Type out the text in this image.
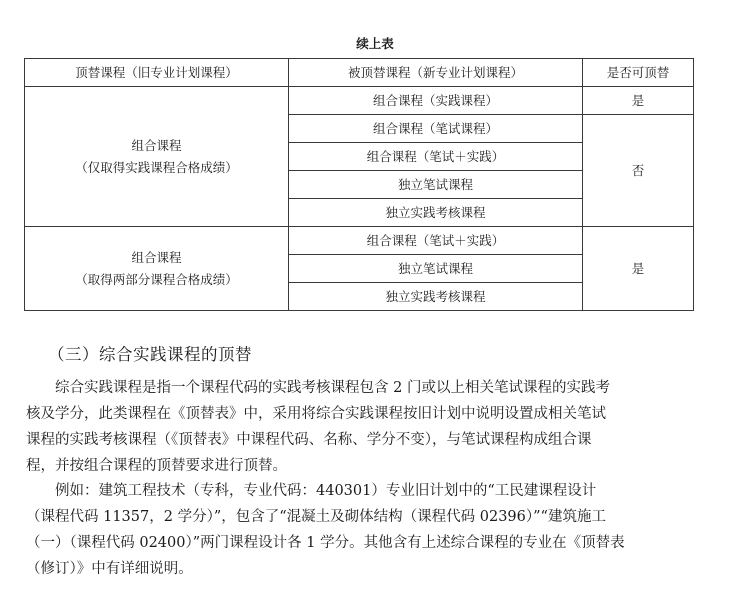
续上表
顶替课程（旧专业计划课程）	被顶替课程（新专业计划课程）	是否可顶替

组合课程
（仅取得实践课程合格成绩）	组合课程（实践课程）	是
	组合课程（笔试课程）	否
	组合课程（笔试＋实践）	
	独立笔试课程	
	独立实践考核课程	

组合课程
（取得两部分课程合格成绩）	组合课程（笔试＋实践）	是
	独立笔试课程	
	独立实践考核课程	
（三）综合实践课程的顶替

综合实践课程是指一个课程代码的实践考核课程包含 2 门或以上相关笔试课程的实践考
核及学分，此类课程在《顶替表》中，采用将综合实践课程按旧计划中说明设置成相关笔试
课程的实践考核课程（《顶替表》中课程代码、名称、学分不变），与笔试课程构成组合课
程，并按组合课程的顶替要求进行顶替。

例如：建筑工程技术（专科，专业代码：440301）专业旧计划中的“工民建课程设计
（课程代码 11357，2 学分）”，包含了“混凝土及砌体结构（课程代码 02396）”“建筑施工
（一）（课程代码 02400）”两门课程设计各 1 学分。其他含有上述综合课程的专业在《顶替表
（修订）》中有详细说明。
